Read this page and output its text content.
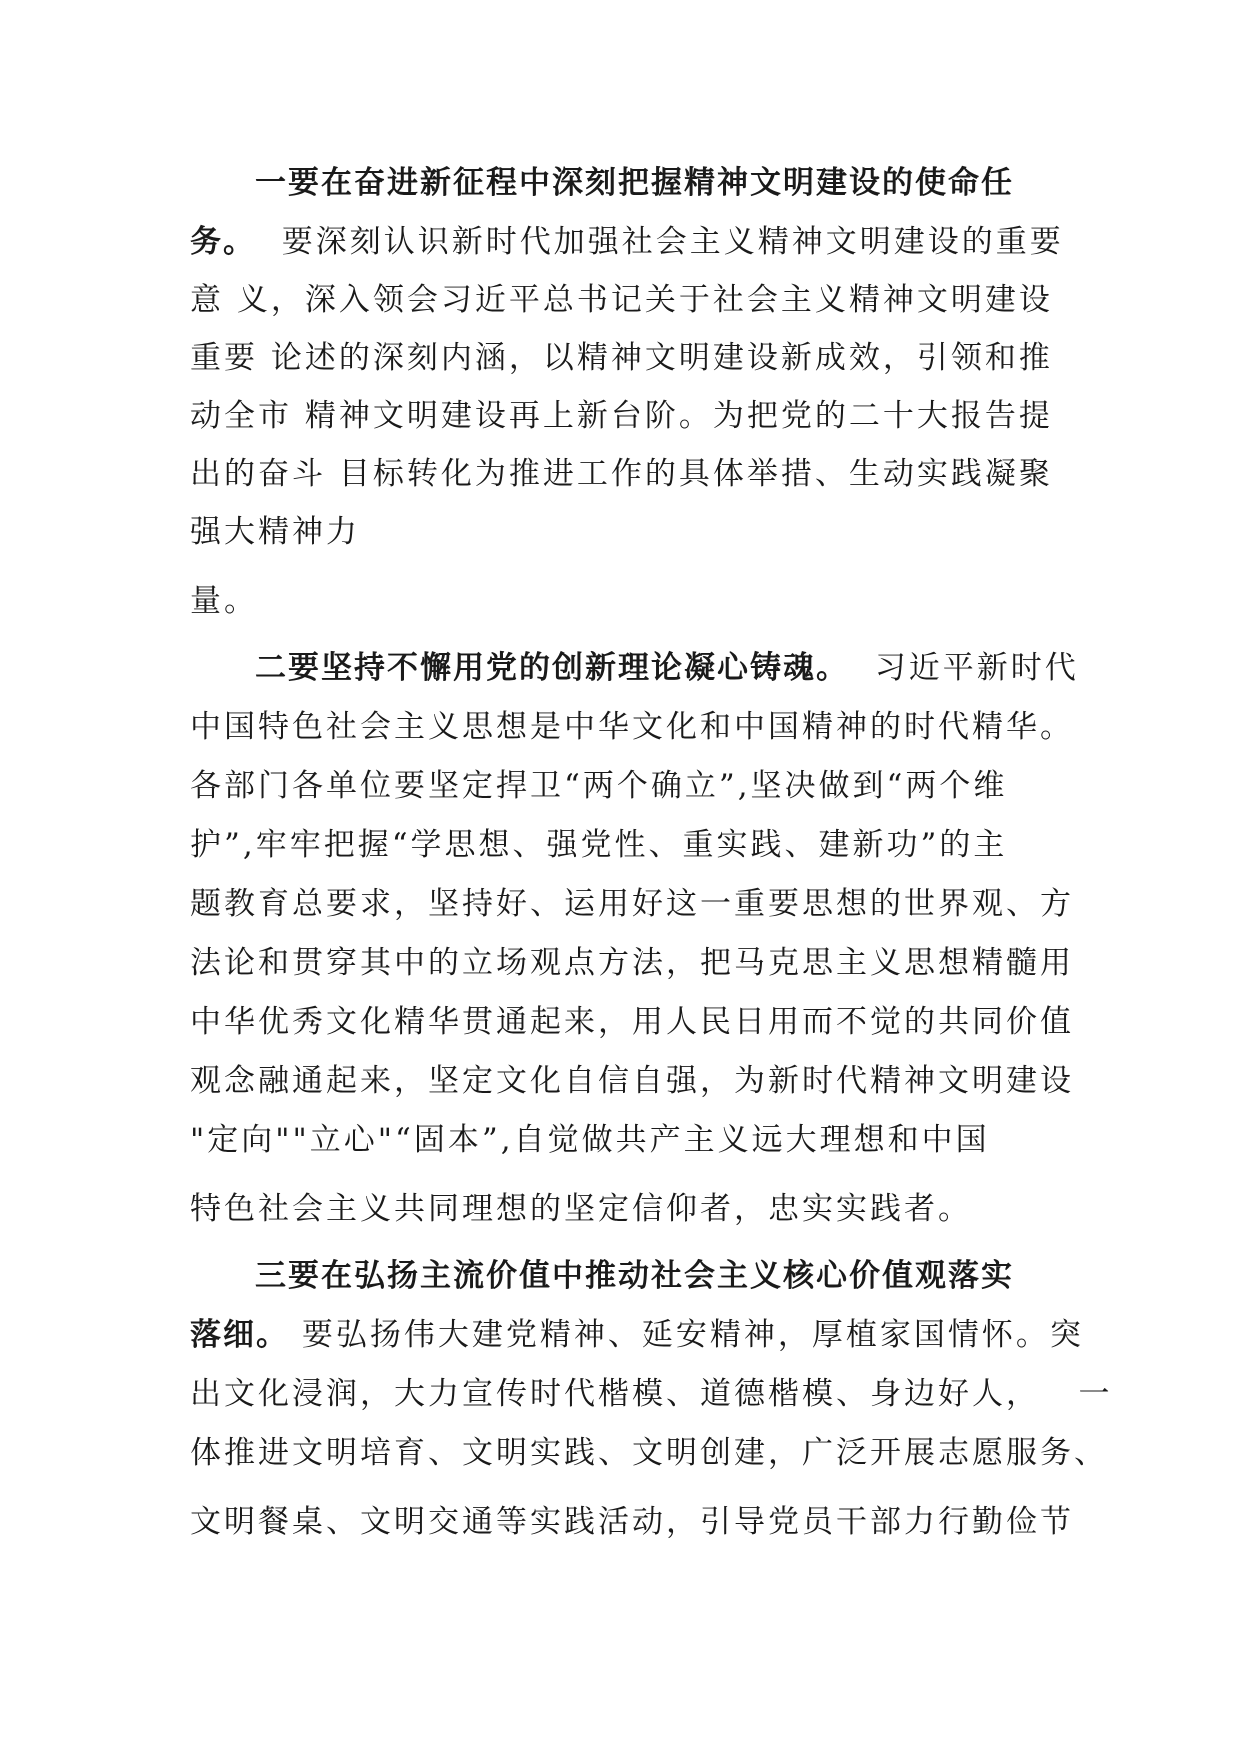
一要在奋进新征程中深刻把握精神文明建设的使命任
务。  要深刻认识新时代加强社会主义精神文明建设的重要
意 义，深入领会习近平总书记关于社会主义精神文明建设
重要 论述的深刻内涵，以精神文明建设新成效，引领和推
动全市 精神文明建设再上新台阶。为把党的二十大报告提
出的奋斗 目标转化为推进工作的具体举措、生动实践凝聚
强大精神力
量。
二要坚持不懈用党的创新理论凝心铸魂。  习近平新时代
中国特色社会主义思想是中华文化和中国精神的时代精华。
各部门各单位要坚定捍卫“两个确立”,坚决做到“两个维
护”,牢牢把握“学思想、强党性、重实践、建新功”的主
题教育总要求，坚持好、运用好这一重要思想的世界观、方
法论和贯穿其中的立场观点方法，把马克思主义思想精髓用
中华优秀文化精华贯通起来，用人民日用而不觉的共同价值
观念融通起来，坚定文化自信自强，为新时代精神文明建设
"定向""立心"“固本”,自觉做共产主义远大理想和中国
特色社会主义共同理想的坚定信仰者，忠实实践者。
三要在弘扬主流价值中推动社会主义核心价值观落实
落细。 要弘扬伟大建党精神、延安精神，厚植家国情怀。突
出文化浸润，大力宣传时代楷模、道德楷模、身边好人，   一
体推进文明培育、文明实践、文明创建，广泛开展志愿服务、
文明餐桌、文明交通等实践活动，引导党员干部力行勤俭节
